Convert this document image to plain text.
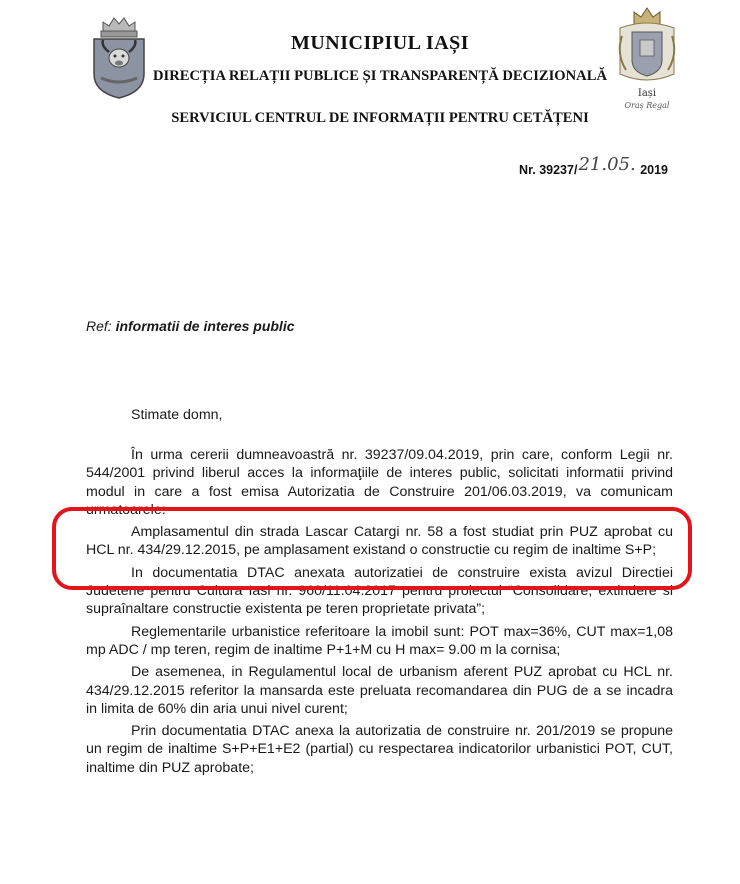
Iași
Oraș Regal
MUNICIPIUL IAȘI
DIRECȚIA RELAȚII PUBLICE ȘI TRANSPARENȚĂ DECIZIONALĂ
SERVICIUL CENTRUL DE INFORMAȚII PENTRU CETĂȚENI
Nr. 39237/21.05. 2019
Ref: informatii de interes public
Stimate domn,

În urma cererii dumneavoastră nr. 39237/09.04.2019, prin care, conform Legii nr. 544/2001 privind liberul acces la informaţiile de interes public, solicitati informatii privind modul in care a fost emisa Autorizatia de Construire 201/06.03.2019, va comunicam urmatoarele:

Amplasamentul din strada Lascar Catargi nr. 58 a fost studiat prin PUZ aprobat cu HCL nr. 434/29.12.2015, pe amplasament existand o constructie cu regim de inaltime S+P;

In documentatia DTAC anexata autorizatiei de construire exista avizul Directiei Judetene pentru Cultura Iasi nr. 960/11.04.2017 pentru proiectul “Consolidare, extindere si supraînaltare constructie existenta pe teren proprietate privata”;

Reglementarile urbanistice referitoare la imobil sunt: POT max=36%, CUT max=1,08 mp ADC / mp teren, regim de inaltime P+1+M cu H max= 9.00 m la cornisa;

De asemenea, in Regulamentul local de urbanism aferent PUZ aprobat cu HCL nr. 434/29.12.2015 referitor la mansarda este preluata recomandarea din PUG de a se incadra in limita de 60% din aria unui nivel curent;

Prin documentatia DTAC anexa la autorizatia de construire nr. 201/2019 se propune un regim de inaltime S+P+E1+E2 (partial) cu respectarea indicatorilor urbanistici POT, CUT, inaltime din PUZ aprobate;
